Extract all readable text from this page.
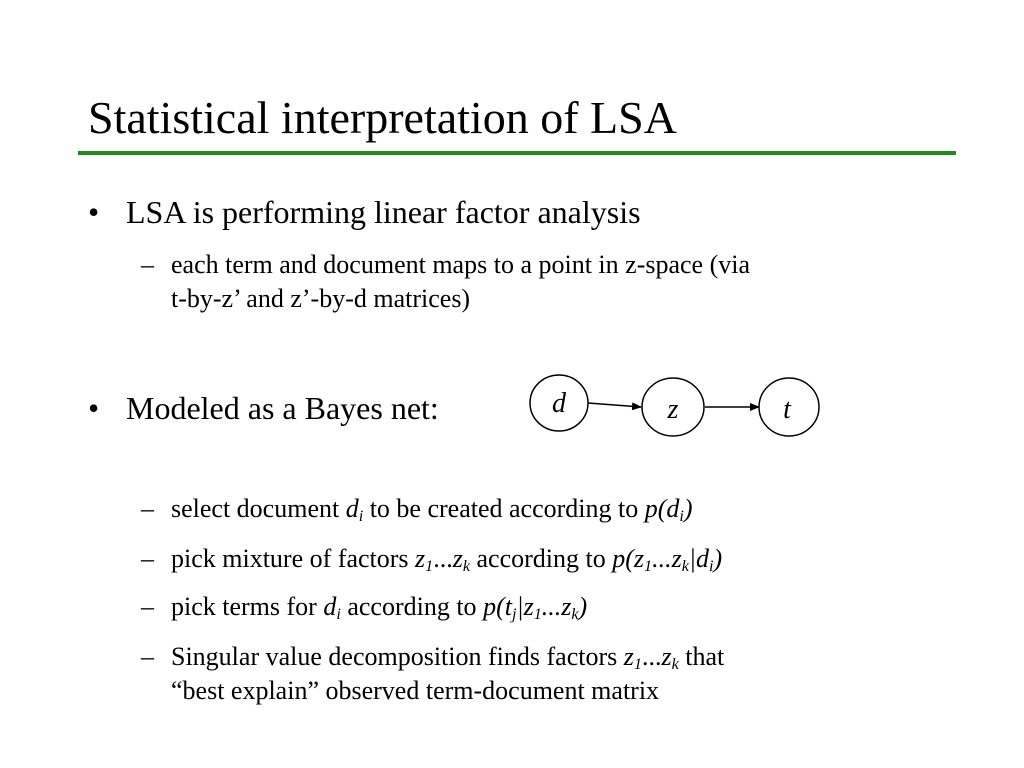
Statistical interpretation of LSA
• LSA is performing linear factor analysis
– each term and document maps to a point in z-space (via
t-by-z’ and z’-by-d matrices)
• Modeled as a Bayes net:	d	z	t
– select document $d_i$ to be created according to $p(d_i)$
– pick mixture of factors $z_1...z_k$ according to $p(z_1...z_k|d_i)$
– pick terms for $d_i$ according to $p(t_j|z_1...z_k)$
– Singular value decomposition finds factors $z_1...z_k$ that
“best explain” observed term-document matrix
